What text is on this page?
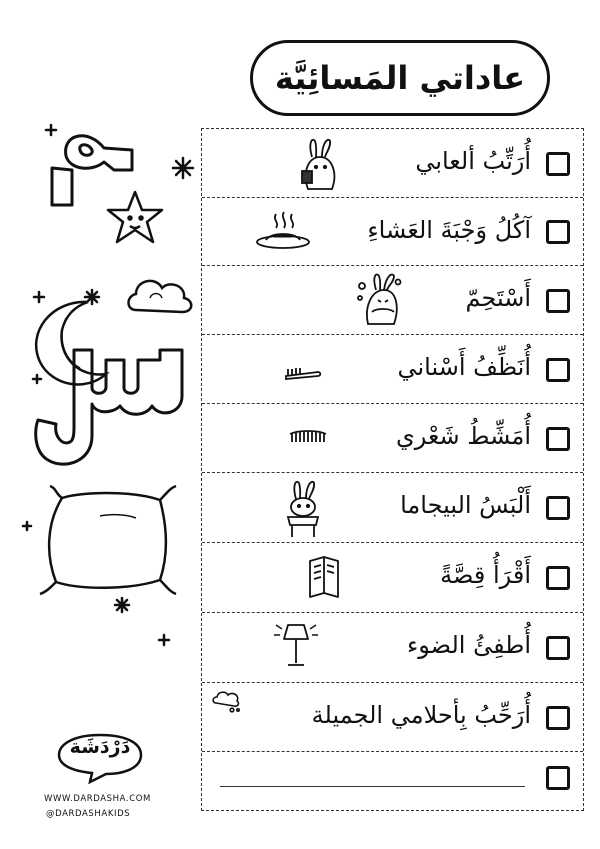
عاداتي المَسائِيَّة
أُرَتِّبُ ألعابي
آكُلُ وَجْبَةَ العَشاءِ
أَسْتَحِمّ
أُنَظِّفُ أَسْناني
أُمَشِّطُ شَعْري
أَلْبَسُ البيجاما
أَقْرَأُ قِصَّةً
أُطفِئُ الضوء
أُرَحِّبُ بِأحلامي الجميلة
دَرْدَشَة
WWW.DARDASHA.COM
@DARDASHAKIDS
